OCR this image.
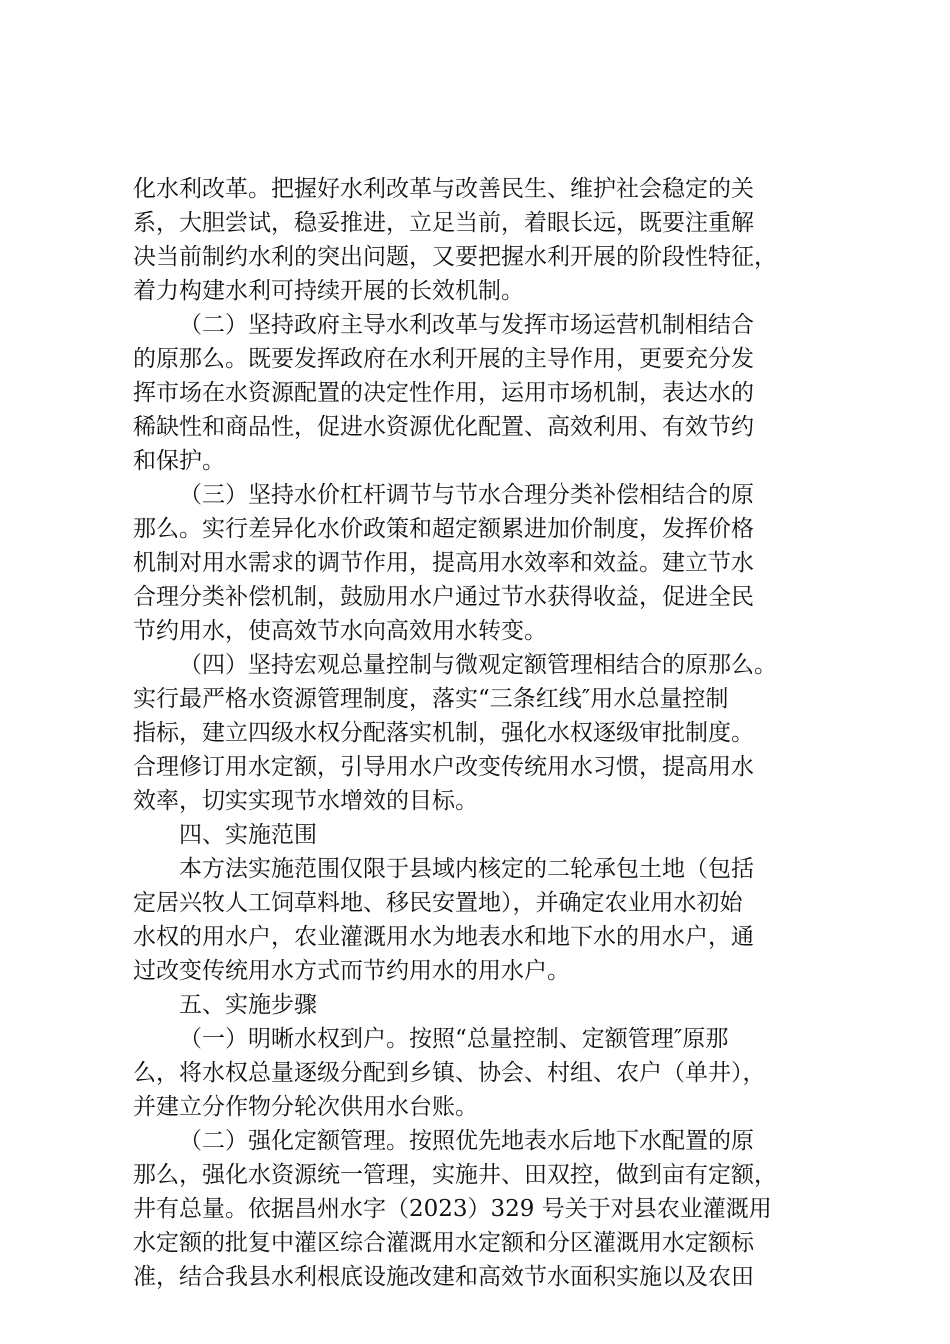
化水利改革。把握好水利改革与改善民生、维护社会稳定的关
系，大胆尝试，稳妥推进，立足当前，着眼长远，既要注重解
决当前制约水利的突出问题，又要把握水利开展的阶段性特征，
着力构建水利可持续开展的长效机制。
（二）坚持政府主导水利改革与发挥市场运营机制相结合
的原那么。既要发挥政府在水利开展的主导作用，更要充分发
挥市场在水资源配置的决定性作用，运用市场机制，表达水的
稀缺性和商品性，促进水资源优化配置、高效利用、有效节约
和保护。
（三）坚持水价杠杆调节与节水合理分类补偿相结合的原
那么。实行差异化水价政策和超定额累进加价制度，发挥价格
机制对用水需求的调节作用，提高用水效率和效益。建立节水
合理分类补偿机制，鼓励用水户通过节水获得收益，促进全民
节约用水，使高效节水向高效用水转变。
（四）坚持宏观总量控制与微观定额管理相结合的原那么。
实行最严格水资源管理制度，落实“三条红线″用水总量控制
指标，建立四级水权分配落实机制，强化水权逐级审批制度。
合理修订用水定额，引导用水户改变传统用水习惯，提高用水
效率，切实实现节水增效的目标。
四、实施范围
本方法实施范围仅限于县域内核定的二轮承包土地（包括
定居兴牧人工饲草料地、移民安置地），并确定农业用水初始
水权的用水户，农业灌溉用水为地表水和地下水的用水户，通
过改变传统用水方式而节约用水的用水户。
五、实施步骤
（一）明晰水权到户。按照“总量控制、定额管理″原那
么，将水权总量逐级分配到乡镇、协会、村组、农户（单井），
并建立分作物分轮次供用水台账。
（二）强化定额管理。按照优先地表水后地下水配置的原
那么，强化水资源统一管理，实施井、田双控，做到亩有定额，
井有总量。依据昌州水字（2023）329 号关于对县农业灌溉用
水定额的批复中灌区综合灌溉用水定额和分区灌溉用水定额标
准，结合我县水利根底设施改建和高效节水面积实施以及农田
